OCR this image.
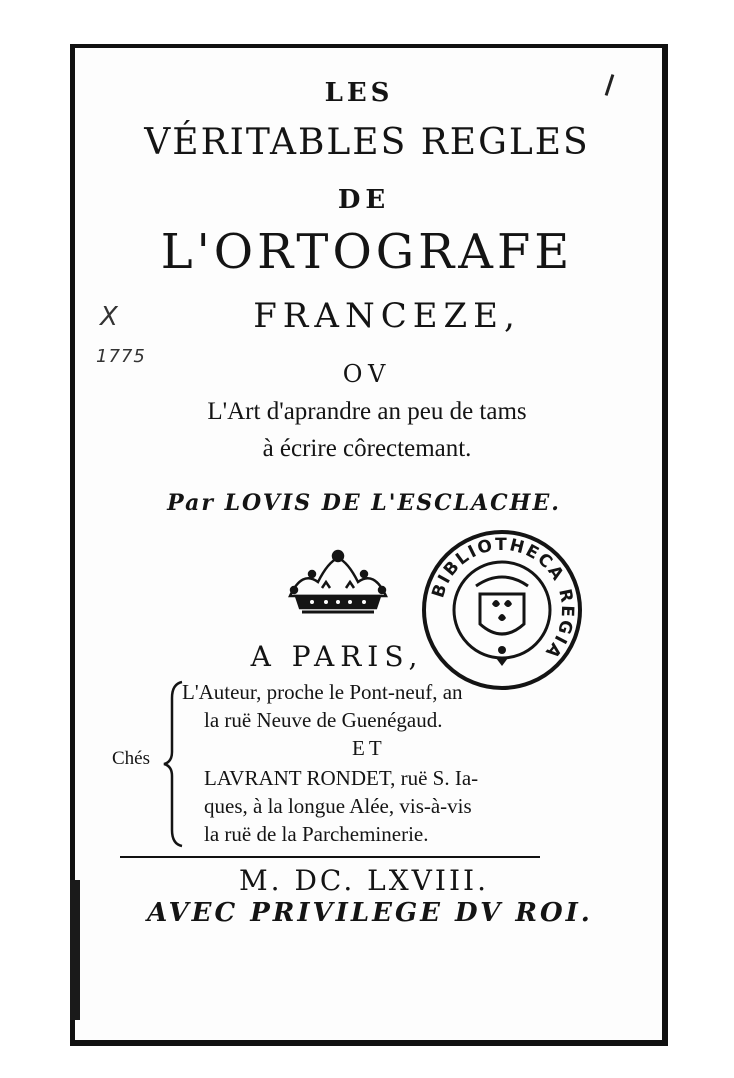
LES
VÉRITABLES REGLES
DE
L'ORTOGRAFE
FRANCEZE,
OV
L'Art d'aprandre an peu de tams
à écrire côrectemant.
Par LOVIS DE L'ESCLACHE.
X
1775
BIBLIOTHECA REGIA
A PARIS,
Chés
L'Auteur, proche le Pont-neuf, an
la ruë Neuve de Guenégaud.
ET
LAVRANT RONDET, ruë S. Ia-
ques, à la longue Alée, vis-à-vis
la ruë de la Parcheminerie.
M. DC. LXVIII.
AVEC PRIVILEGE DV ROI.
